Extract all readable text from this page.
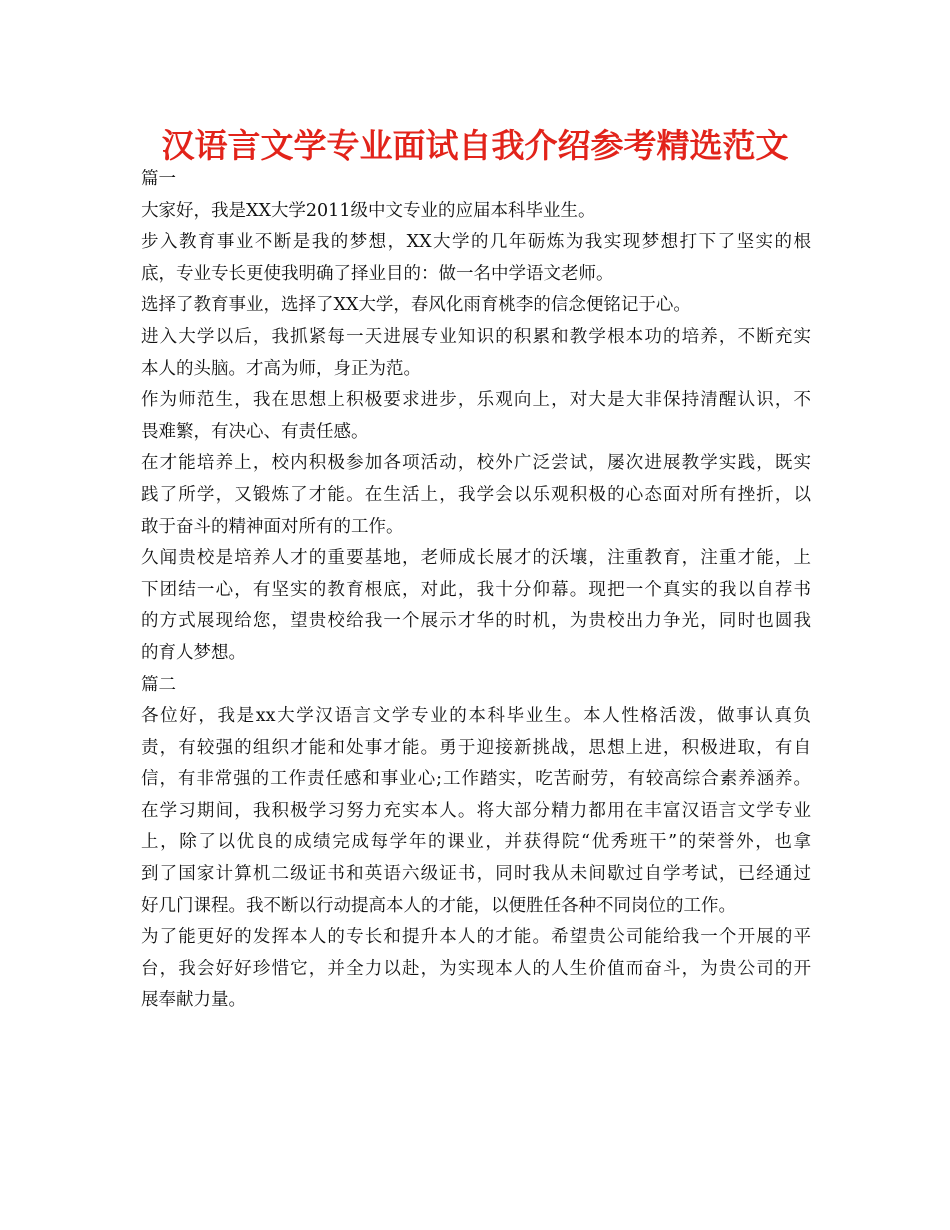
汉语言文学专业面试自我介绍参考精选范文
篇一
大家好，我是XX大学2011级中文专业的应届本科毕业生。
步入教育事业不断是我的梦想，XX大学的几年砺炼为我实现梦想打下了坚实的根
底，专业专长更使我明确了择业目的：做一名中学语文老师。
选择了教育事业，选择了XX大学，春风化雨育桃李的信念便铭记于心。
进入大学以后，我抓紧每一天进展专业知识的积累和教学根本功的培养，不断充实
本人的头脑。才高为师，身正为范。
作为师范生，我在思想上积极要求进步，乐观向上，对大是大非保持清醒认识，不
畏难繁，有决心、有责任感。
在才能培养上，校内积极参加各项活动，校外广泛尝试，屡次进展教学实践，既实
践了所学，又锻炼了才能。在生活上，我学会以乐观积极的心态面对所有挫折，以
敢于奋斗的精神面对所有的工作。
久闻贵校是培养人才的重要基地，老师成长展才的沃壤，注重教育，注重才能，上
下团结一心，有坚实的教育根底，对此，我十分仰幕。现把一个真实的我以自荐书
的方式展现给您，望贵校给我一个展示才华的时机，为贵校出力争光，同时也圆我
的育人梦想。
篇二
各位好，我是xx大学汉语言文学专业的本科毕业生。本人性格活泼，做事认真负
责，有较强的组织才能和处事才能。勇于迎接新挑战，思想上进，积极进取，有自
信，有非常强的工作责任感和事业心;工作踏实，吃苦耐劳，有较高综合素养涵养。
在学习期间，我积极学习努力充实本人。将大部分精力都用在丰富汉语言文学专业
上，除了以优良的成绩完成每学年的课业，并获得院“优秀班干”的荣誉外，也拿
到了国家计算机二级证书和英语六级证书，同时我从未间歇过自学考试，已经通过
好几门课程。我不断以行动提高本人的才能，以便胜任各种不同岗位的工作。
为了能更好的发挥本人的专长和提升本人的才能。希望贵公司能给我一个开展的平
台，我会好好珍惜它，并全力以赴，为实现本人的人生价值而奋斗，为贵公司的开
展奉献力量。
